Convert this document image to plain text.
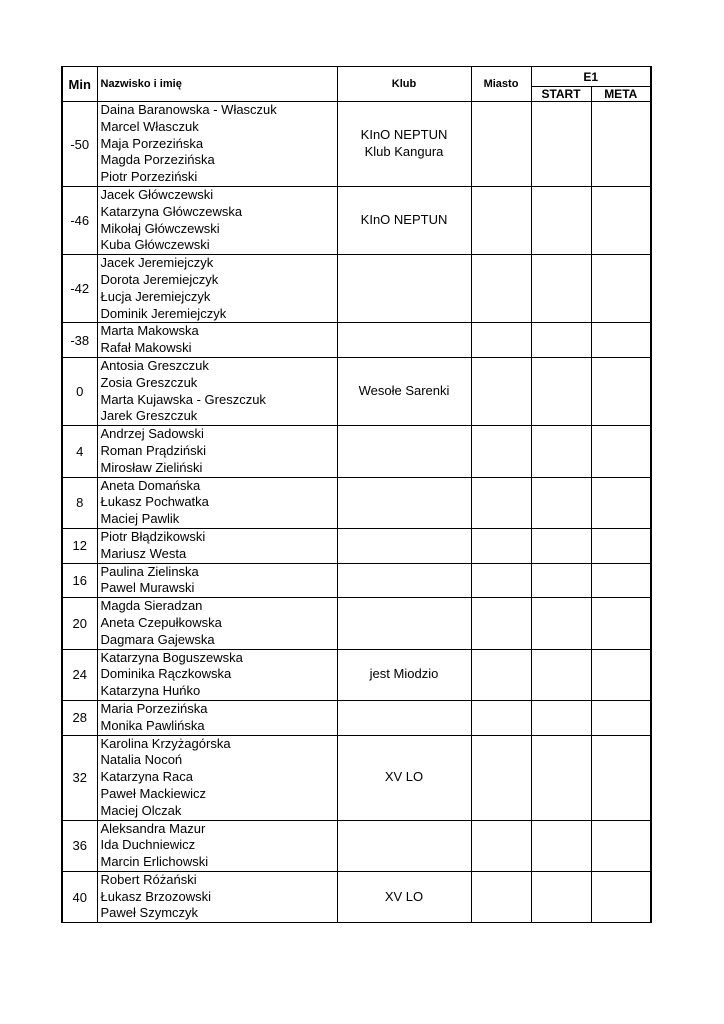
Min	Nazwisko i imię	Klub	Miasto	E1	
				START	META
-50	Daina Baranowska - Własczuk
Marcel Własczuk
Maja Porzezińska
Magda Porzezińska
Piotr Porzeziński	KInO NEPTUN
Klub Kangura			

-46	Jacek Główczewski
Katarzyna Główczewska
Mikołaj Główczewski
Kuba Główczewski	KInO NEPTUN			

-42	Jacek Jeremiejczyk
Dorota Jeremiejczyk
Łucja Jeremiejczyk
Dominik Jeremiejczyk				

-38	Marta Makowska
Rafał Makowski				

0	Antosia Greszczuk
Zosia Greszczuk
Marta Kujawska - Greszczuk
Jarek Greszczuk	Wesołe Sarenki			

4	Andrzej Sadowski
Roman Prądziński
Mirosław Zieliński				

8	Aneta Domańska
Łukasz Pochwatka
Maciej Pawlik				

12	Piotr Błądzikowski
Mariusz Westa				

16	Paulina Zielinska
Pawel Murawski				

20	Magda Sieradzan
Aneta Czepułkowska
Dagmara Gajewska				

24	Katarzyna Boguszewska
Dominika Rączkowska
Katarzyna Huńko	jest Miodzio			

28	Maria Porzezińska
Monika Pawlińska				

32	Karolina Krzyżagórska
Natalia Nocoń
Katarzyna Raca
Paweł Mackiewicz
Maciej Olczak	XV LO			

36	Aleksandra Mazur
Ida Duchniewicz
Marcin Erlichowski				

40	Robert Różański
Łukasz Brzozowski
Paweł Szymczyk	XV LO			
